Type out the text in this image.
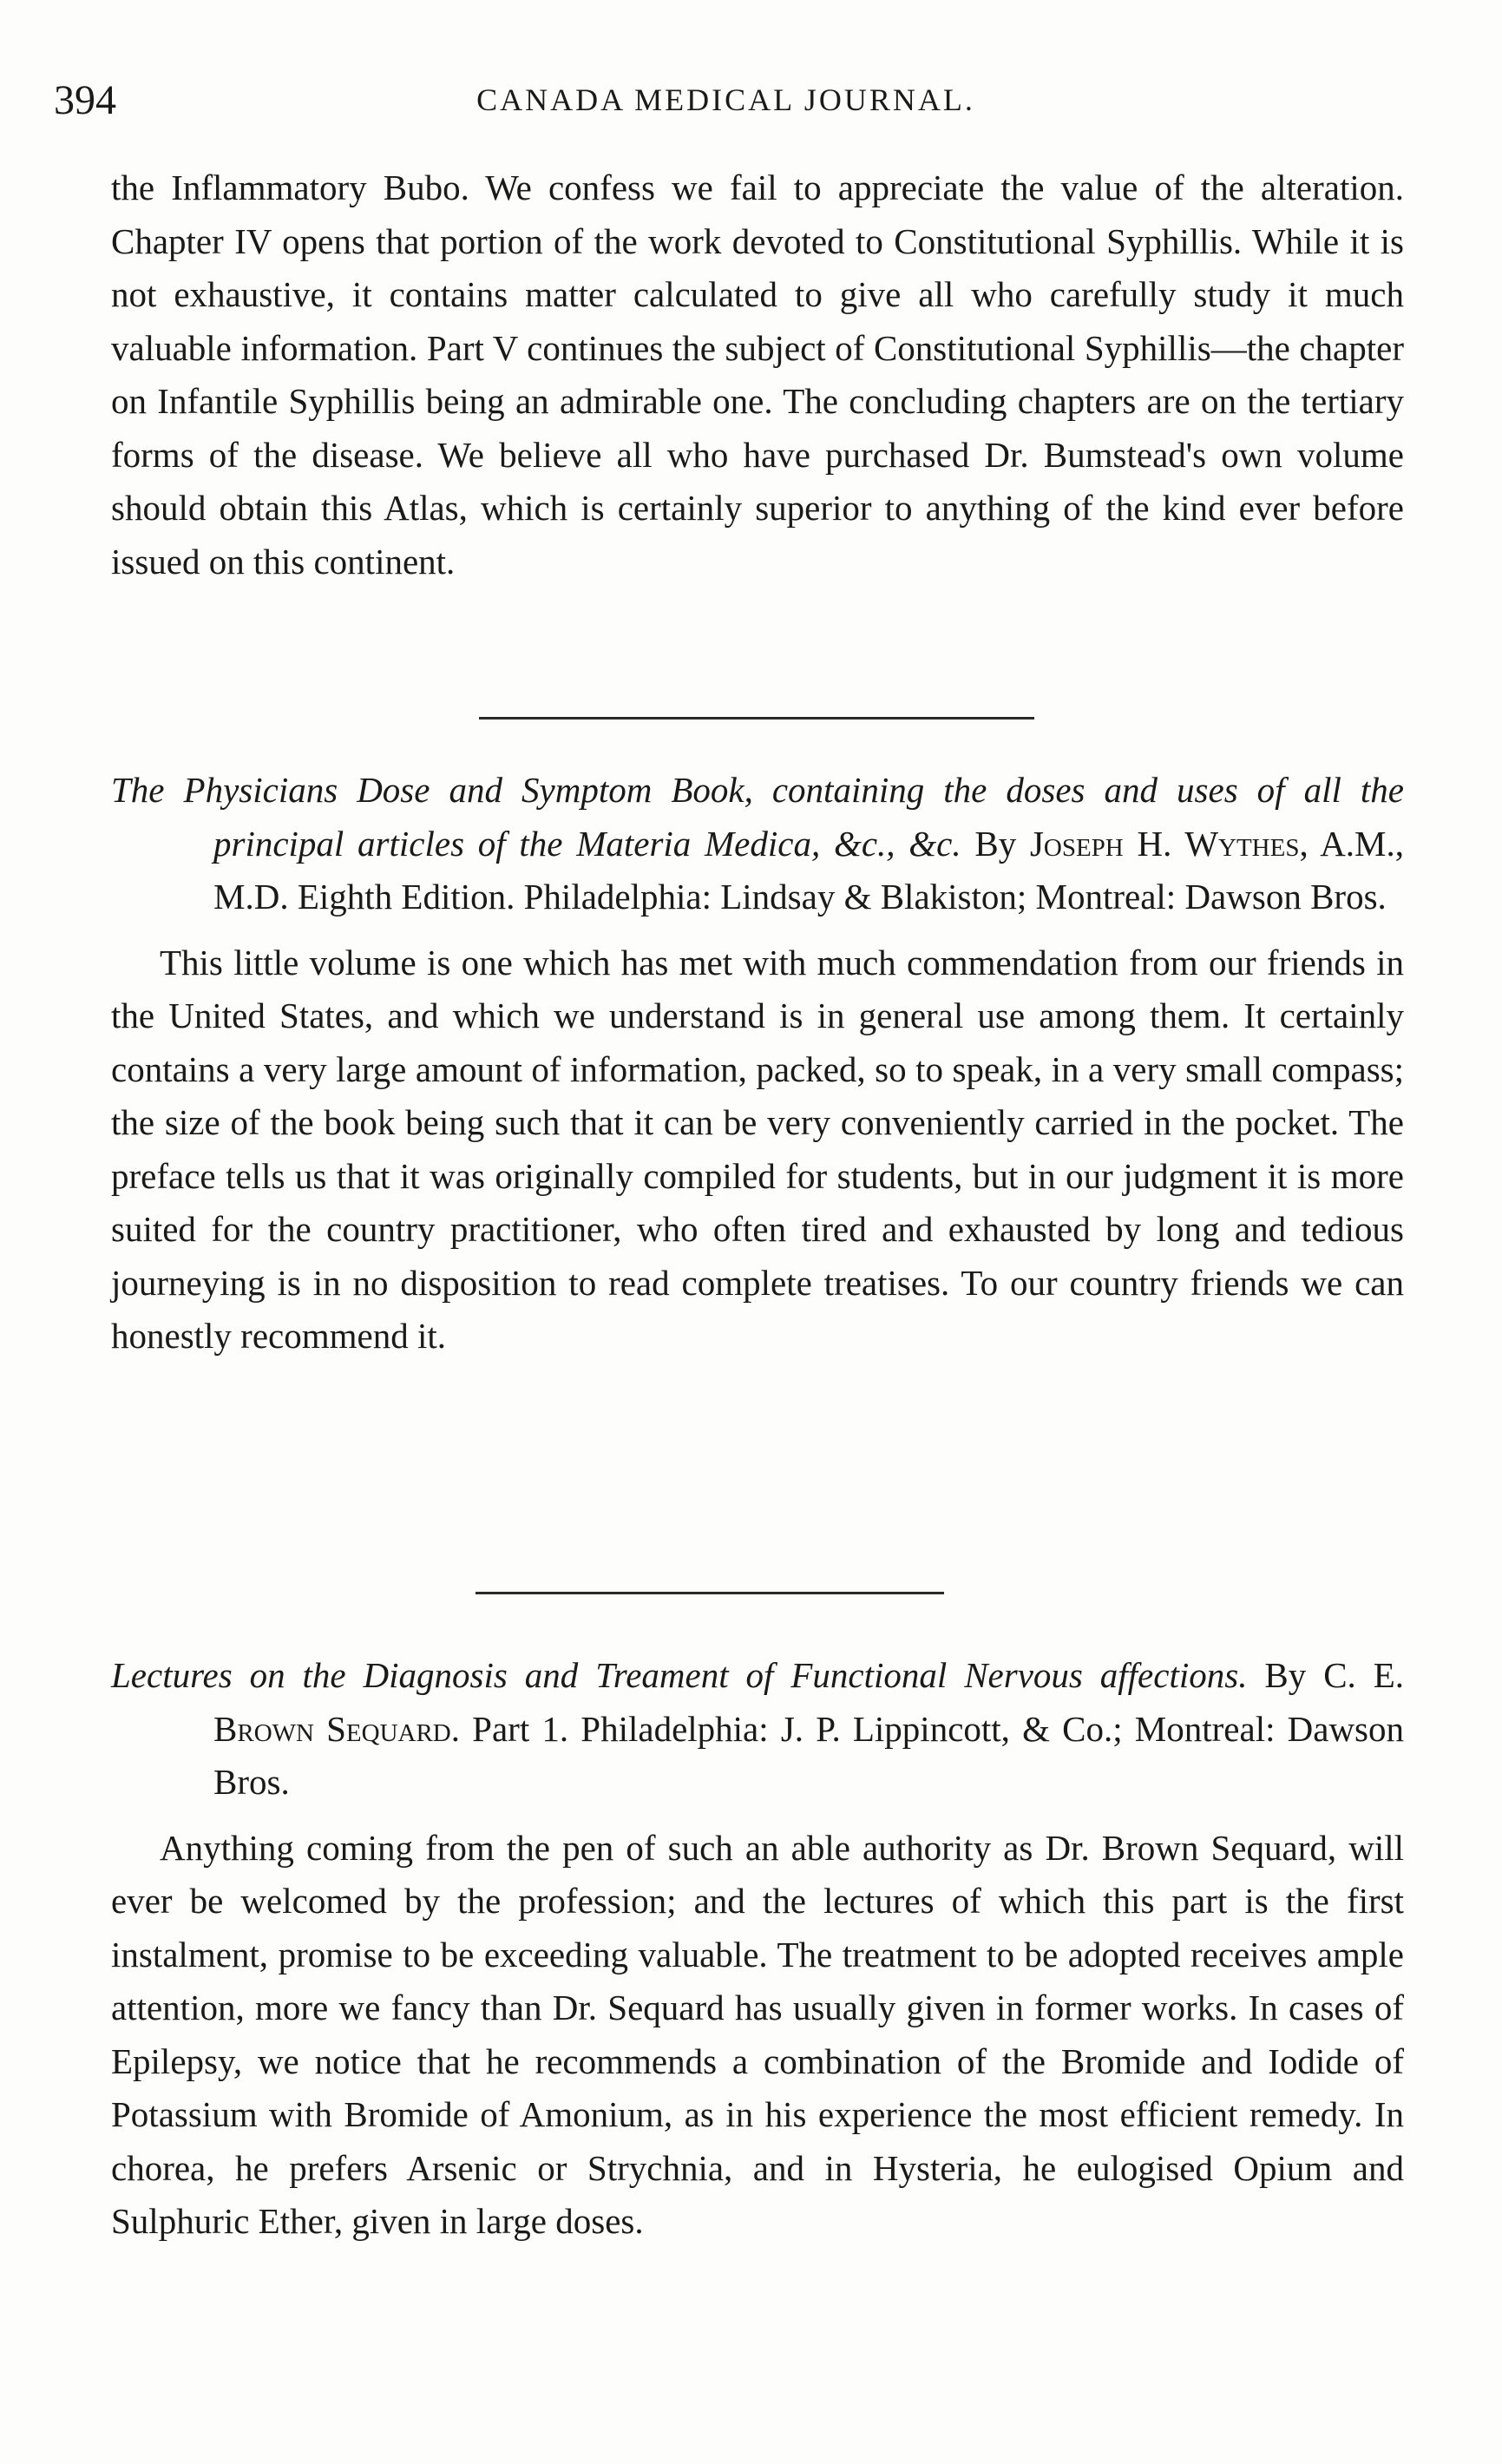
394	CANADA MEDICAL JOURNAL.

the Inflammatory Bubo. We confess we fail to appreciate the value of the alteration. Chapter IV opens that portion of the work devoted to Constitutional Syphillis. While it is not exhaustive, it contains matter calculated to give all who carefully study it much valuable information. Part V continues the subject of Constitutional Syphillis—the chapter on Infantile Syphillis being an admirable one. The concluding chapters are on the tertiary forms of the disease. We believe all who have purchased Dr. Bumstead's own volume should obtain this Atlas, which is certainly superior to anything of the kind ever before issued on this continent.

The Physicians Dose and Symptom Book, containing the doses and uses of all the principal articles of the Materia Medica, &c., &c. By Joseph H. Wythes, A.M., M.D. Eighth Edition. Philadelphia: Lindsay & Blakiston; Montreal: Dawson Bros.

This little volume is one which has met with much commendation from our friends in the United States, and which we understand is in general use among them. It certainly contains a very large amount of information, packed, so to speak, in a very small compass; the size of the book being such that it can be very conveniently carried in the pocket. The preface tells us that it was originally compiled for students, but in our judgment it is more suited for the country practitioner, who often tired and exhausted by long and tedious journeying is in no disposition to read complete treatises. To our country friends we can honestly recommend it.

Lectures on the Diagnosis and Treament of Functional Nervous affections. By C. E. Brown Sequard. Part 1. Philadelphia: J. P. Lippincott, & Co.; Montreal: Dawson Bros.

Anything coming from the pen of such an able authority as Dr. Brown Sequard, will ever be welcomed by the profession; and the lectures of which this part is the first instalment, promise to be exceeding valuable. The treatment to be adopted receives ample attention, more we fancy than Dr. Sequard has usually given in former works. In cases of Epilepsy, we notice that he recommends a combination of the Bromide and Iodide of Potassium with Bromide of Amonium, as in his experience the most efficient remedy. In chorea, he prefers Arsenic or Strychnia, and in Hysteria, he eulogised Opium and Sulphuric Ether, given in large doses.
